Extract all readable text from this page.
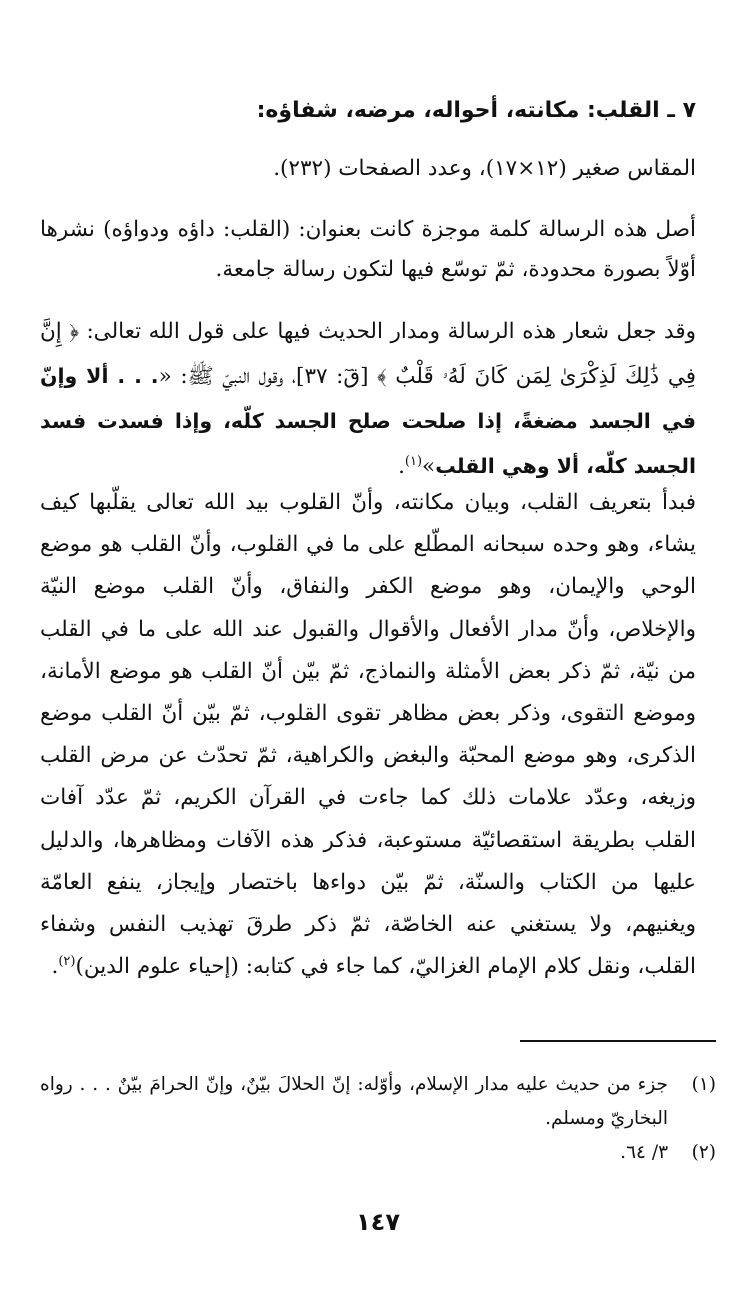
٧ ـ القلب: مكانته، أحواله، مرضه، شفاؤه:

المقاس صغير (١٢×١٧)، وعدد الصفحات (٢٣٢).

أصل هذه الرسالة كلمة موجزة كانت بعنوان: (القلب: داؤه ودواؤه) نشرها أوّلاً بصورة محدودة، ثمّ توسّع فيها لتكون رسالة جامعة.

وقد جعل شعار هذه الرسالة ومدار الحديث فيها على قول الله تعالى: ﴿ إِنَّ فِي ذَٰلِكَ لَذِكْرَىٰ لِمَن كَانَ لَهُۥ قَلْبٌ ﴾ [قٓ: ٣٧]، وقول النبيّ ﷺ: «. . . ألا وإنّ في الجسد مضغةً، إذا صلحت صلح الجسد كلّه، وإذا فسدت فسد الجسد كلّه، ألا وهي القلب»$^{(١)}$.

فبدأ بتعريف القلب، وبيان مكانته، وأنّ القلوب بيد الله تعالى يقلّبها كيف يشاء، وهو وحده سبحانه المطّلع على ما في القلوب، وأنّ القلب هو موضع الوحي والإيمان، وهو موضع الكفر والنفاق، وأنّ القلب موضع النيّة والإخلاص، وأنّ مدار الأفعال والأقوال والقبول عند الله على ما في القلب من نيّة، ثمّ ذكر بعض الأمثلة والنماذج، ثمّ بيّن أنّ القلب هو موضع الأمانة، وموضع التقوى، وذكر بعض مظاهر تقوى القلوب، ثمّ بيّن أنّ القلب موضع الذكرى، وهو موضع المحبّة والبغض والكراهية، ثمّ تحدّث عن مرض القلب وزيغه، وعدّد علامات ذلك كما جاءت في القرآن الكريم، ثمّ عدّد آفات القلب بطريقة استقصائيّة مستوعبة، فذكر هذه الآفات ومظاهرها، والدليل عليها من الكتاب والسنّة، ثمّ بيّن دواءها باختصار وإيجاز، ينفع العامّة ويغنيهم، ولا يستغني عنه الخاصّة، ثمّ ذكر طرقَ تهذيب النفس وشفاء القلب، ونقل كلام الإمام الغزاليّ، كما جاء في كتابه: (إحياء علوم الدين)$^{(٢)}$.

(١)
جزء من حديث عليه مدار الإسلام، وأوّله: إنّ الحلالَ بيّنٌ، وإنّ الحرامَ بيّنٌ . . . رواه البخاريّ ومسلم.
(٢)
٣/ ٦٤.
١٤٧
